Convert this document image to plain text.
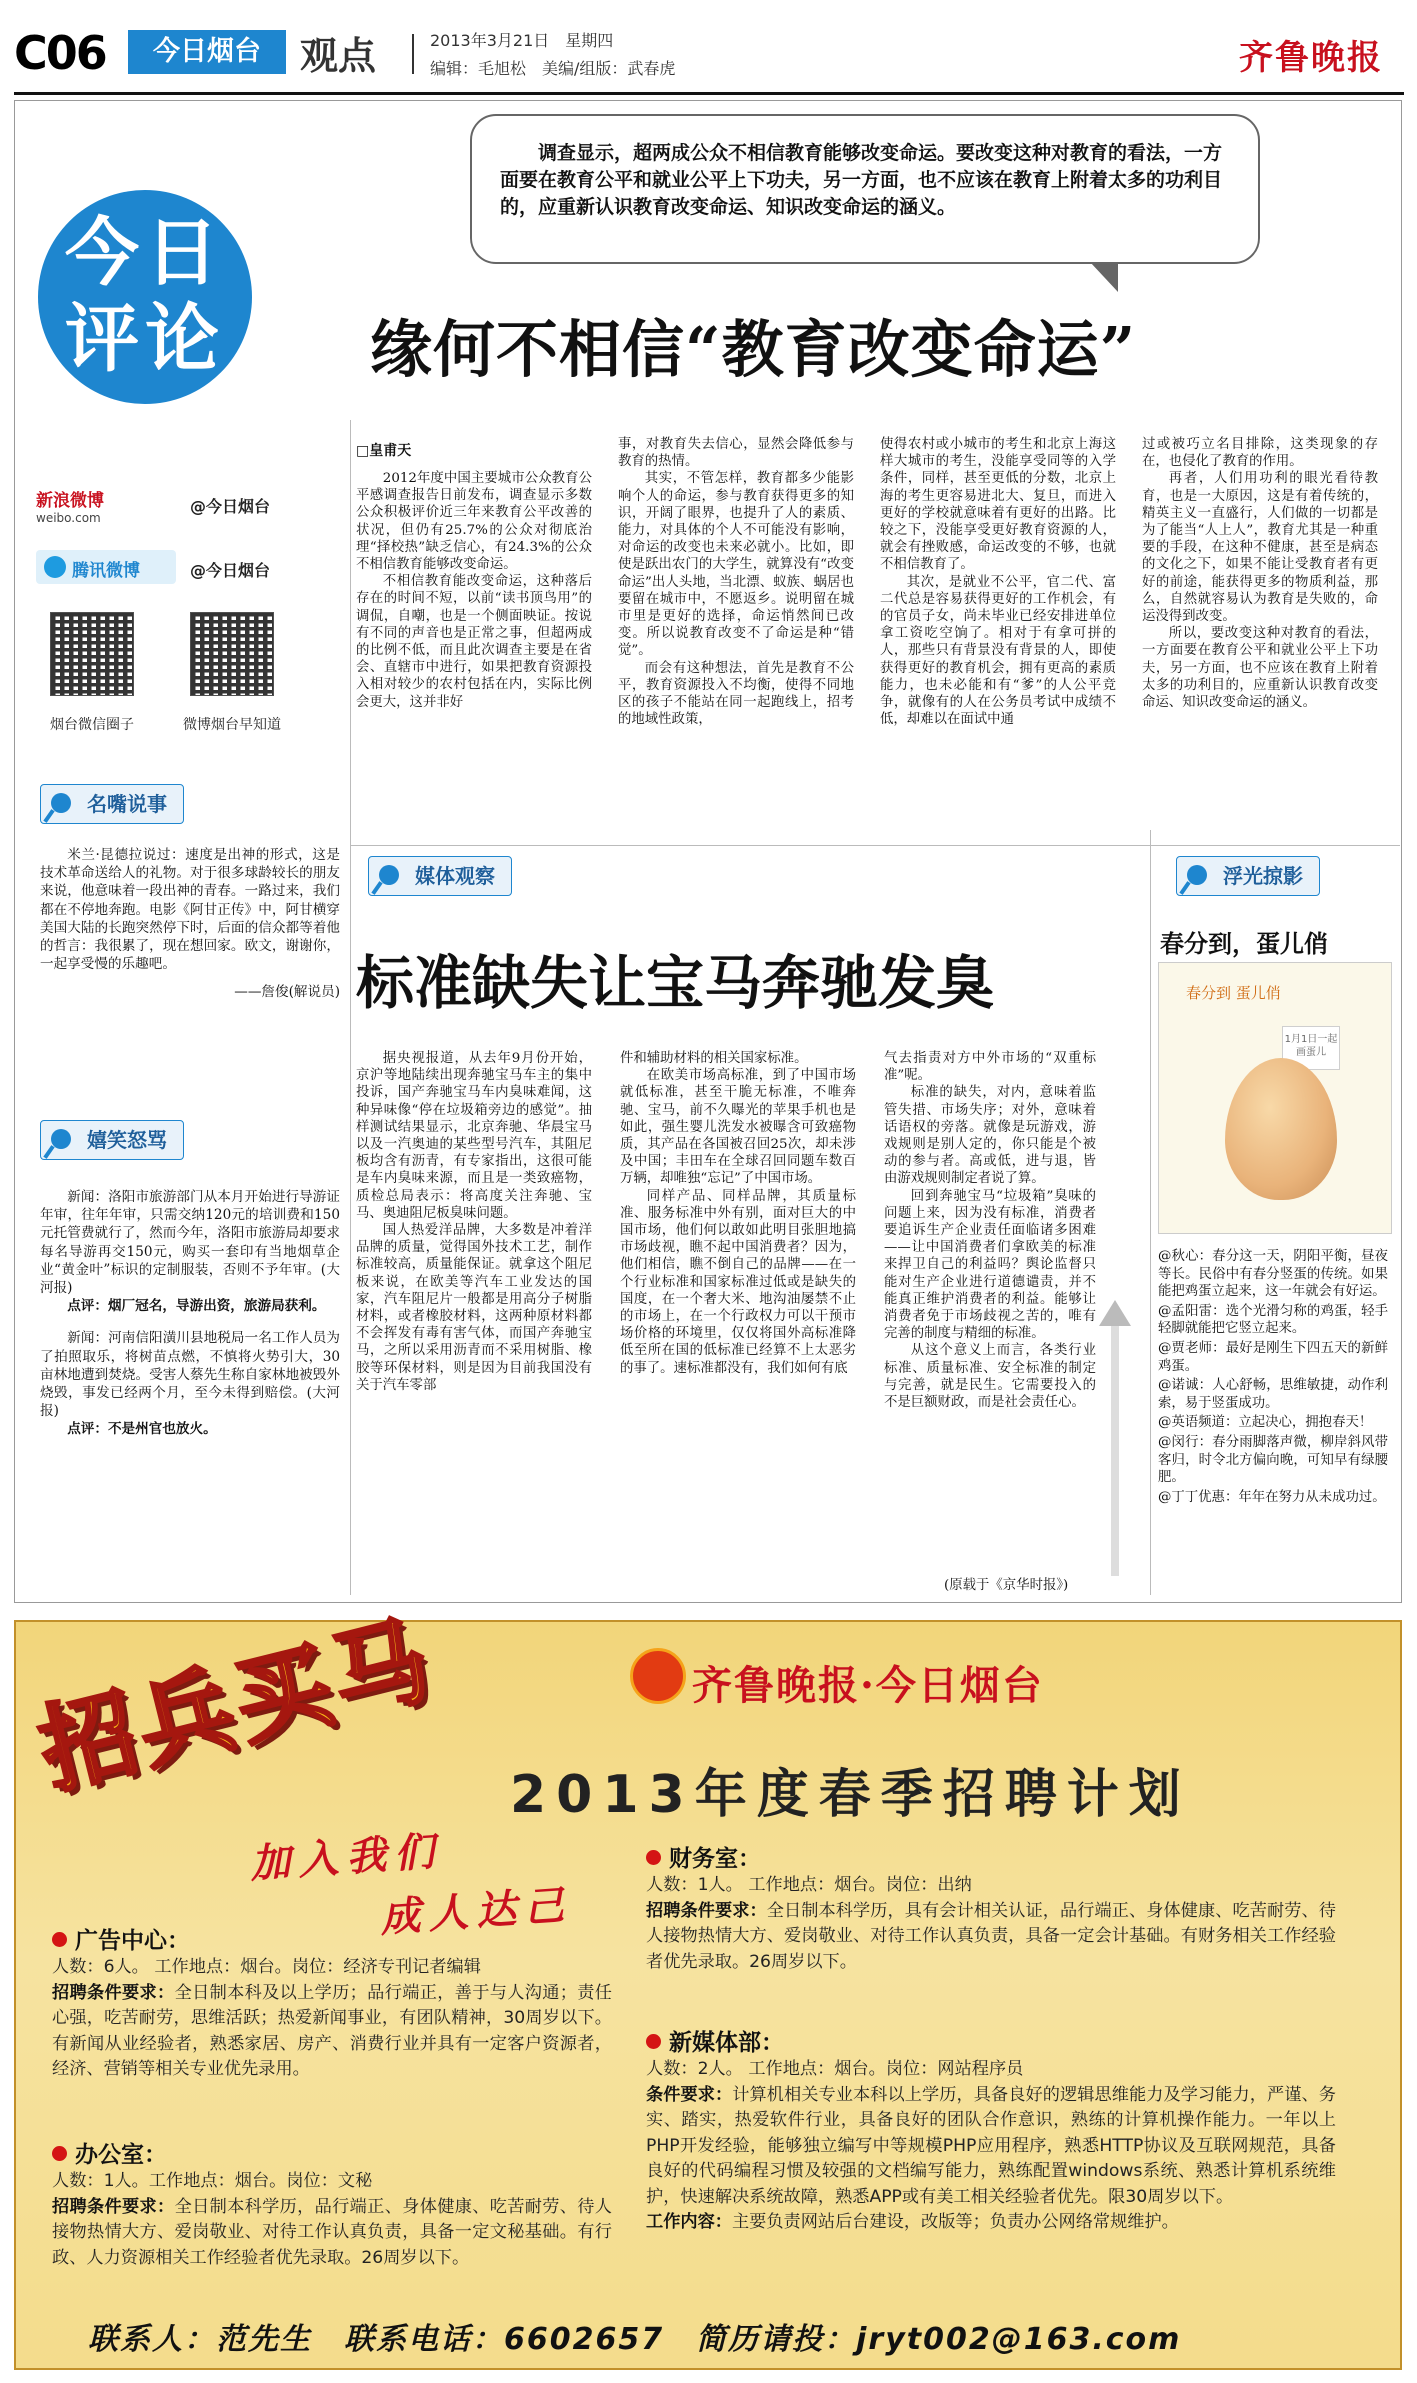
C06	今日烟台	观点	2013年3月21日　星期四
编辑：毛旭松　美编/组版：武春虎	齐鲁晚报
调查显示，超两成公众不相信教育能够改变命运。要改变这种对教育的看法，一方面要在教育公平和就业公平上下功夫，另一方面，也不应该在教育上附着太多的功利目的，应重新认识教育改变命运、知识改变命运的涵义。
今日
评论	缘何不相信“教育改变命运”
新浪微博
weibo.com
@今日烟台
腾讯微博	@今日烟台
烟台微信圈子	微博烟台早知道
名嘴说事

米兰·昆德拉说过：速度是出神的形式，这是技术革命送给人的礼物。对于很多球龄较长的朋友来说，他意味着一段出神的青春。一路过来，我们都在不停地奔跑。电影《阿甘正传》中，阿甘横穿美国大陆的长跑突然停下时，后面的信众都等着他的哲言：我很累了，现在想回家。欧文，谢谢你，一起享受慢的乐趣吧。

——詹俊(解说员)

嬉笑怒骂

新闻：洛阳市旅游部门从本月开始进行导游证年审，往年年审，只需交纳120元的培训费和150元托管费就行了，然而今年，洛阳市旅游局却要求每名导游再交150元，购买一套印有当地烟草企业“黄金叶”标识的定制服装，否则不予年审。(大河报)

点评：烟厂冠名，导游出资，旅游局获利。

新闻：河南信阳潢川县地税局一名工作人员为了拍照取乐，将树苗点燃，不慎将火势引大，30亩林地遭到焚烧。受害人蔡先生称自家林地被毁外烧毁，事发已经两个月，至今未得到赔偿。(大河报)

点评：不是州官也放火。

□皇甫天

2012年度中国主要城市公众教育公平感调查报告日前发布，调查显示多数公众积极评价近三年来教育公平改善的状况，但仍有25.7%的公众对彻底治理“择校热”缺乏信心，有24.3%的公众不相信教育能够改变命运。

不相信教育能改变命运，这种落后存在的时间不短，以前“读书顶鸟用”的调侃，自嘲，也是一个侧面映证。按说有不同的声音也是正常之事，但超两成的比例不低，而且此次调查主要是在省会、直辖市中进行，如果把教育资源投入相对较少的农村包括在内，实际比例会更大，这并非好

事，对教育失去信心，显然会降低参与教育的热情。

其实，不管怎样，教育都多少能影响个人的命运，参与教育获得更多的知识，开阔了眼界，也提升了人的素质、能力，对具体的个人不可能没有影响，对命运的改变也未来必就小。比如，即使是跃出农门的大学生，就算没有“改变命运”出人头地，当北漂、蚁族、蜗居也要留在城市中，不愿返乡。说明留在城市里是更好的选择，命运悄然间已改变。所以说教育改变不了命运是种“错觉”。

而会有这种想法，首先是教育不公平，教育资源投入不均衡，使得不同地区的孩子不能站在同一起跑线上，招考的地域性政策，

使得农村或小城市的考生和北京上海这样大城市的考生，没能享受同等的入学条件，同样，甚至更低的分数，北京上海的考生更容易进北大、复旦，而进入更好的学校就意味着有更好的出路。比较之下，没能享受更好教育资源的人，就会有挫败感，命运改变的不够，也就不相信教育了。

其次，是就业不公平，官二代、富二代总是容易获得更好的工作机会，有的官员子女，尚未毕业已经安排进单位拿工资吃空饷了。相对于有拿可拼的人，那些只有背景没有背景的人，即使获得更好的教育机会，拥有更高的素质能力，也未必能和有“爹”的人公平竞争，就像有的人在公务员考试中成绩不低，却难以在面试中通

过或被巧立名目排除，这类现象的存在，也侵化了教育的作用。

再者，人们用功利的眼光看待教育，也是一大原因，这是有着传统的，精英主义一直盛行，人们做的一切都是为了能当“人上人”，教育尤其是一种重要的手段，在这种不健康，甚至是病态的文化之下，如果不能让受教育者有更好的前途，能获得更多的物质利益，那么，自然就容易认为教育是失败的，命运没得到改变。

所以，要改变这种对教育的看法，一方面要在教育公平和就业公平上下功夫，另一方面，也不应该在教育上附着太多的功利目的，应重新认识教育改变命运、知识改变命运的涵义。

媒体观察
标准缺失让宝马奔驰发臭

据央视报道，从去年9月份开始，京沪等地陆续出现奔驰宝马车主的集中投诉，国产奔驰宝马车内臭味难闻，这种异味像“停在垃圾箱旁边的感觉”。抽样测试结果显示，北京奔驰、华晨宝马以及一汽奥迪的某些型号汽车，其阻尼板均含有沥青，有专家指出，这很可能是车内臭味来源，而且是一类致癌物，质检总局表示：将高度关注奔驰、宝马、奥迪阻尼板臭味问题。

国人热爱洋品牌，大多数是冲着洋品牌的质量，觉得国外技术工艺，制作标准较高，质量能保证。就拿这个阻尼板来说，在欧美等汽车工业发达的国家，汽车阻尼片一般都是用高分子树脂材料，或者橡胶材料，这两种原材料都不会挥发有毒有害气体，而国产奔驰宝马，之所以采用沥青而不采用树脂、橡胶等环保材料，则是因为目前我国没有关于汽车零部

件和辅助材料的相关国家标准。

在欧美市场高标准，到了中国市场就低标准，甚至干脆无标准，不唯奔驰、宝马，前不久曝光的苹果手机也是如此，强生婴儿洗发水被曝含可致癌物质，其产品在各国被召回25次，却未涉及中国；丰田车在全球召回同题车数百万辆，却唯独“忘记”了中国市场。

同样产品、同样品牌，其质量标准、服务标准中外有别，面对巨大的中国市场，他们何以敢如此明目张胆地搞市场歧视，瞧不起中国消费者？因为，他们相信，瞧不倒自己的品牌——在一个行业标准和国家标准过低或是缺失的国度，在一个奢大米、地沟油屡禁不止的市场上，在一个行政权力可以干预市场价格的环境里，仅仅将国外高标准降低至所在国的低标准已经算不上太恶劣的事了。速标准都没有，我们如何有底

气去指责对方中外市场的“双重标准”呢。

标准的缺失，对内，意味着监管失措、市场失序；对外，意味着话语权的旁落。就像是玩游戏，游戏规则是别人定的，你只能是个被动的参与者。高或低，进与退，皆由游戏规则制定者说了算。

回到奔驰宝马“垃圾箱”臭味的问题上来，因为没有标准，消费者要追诉生产企业责任面临诸多困难——让中国消费者们拿欧美的标准来捍卫自己的利益吗？舆论监督只能对生产企业进行道德谴责，并不能真正维护消费者的利益。能够让消费者免于市场歧视之苦的，唯有完善的制度与精细的标准。

从这个意义上而言，各类行业标准、质量标准、安全标准的制定与完善，就是民生。它需要投入的不是巨额财政，而是社会责任心。

(原载于《京华时报》)
浮光掠影
春分到，蛋儿俏
春分到 蛋儿俏
1月1日一起画蛋儿

@秋心：春分这一天，阴阳平衡，昼夜等长。民俗中有春分竖蛋的传统。如果能把鸡蛋立起来，这一年就会有好运。

@孟阳雷：选个光滑匀称的鸡蛋，轻手轻脚就能把它竖立起来。

@贾老师：最好是刚生下四五天的新鲜鸡蛋。

@诺诚：人心舒畅，思维敏捷，动作利索，易于竖蛋成功。

@英语频道：立起决心，拥抱春天！

@闵行：春分雨脚落声微，柳岸斜风带客归，时令北方偏向晚，可知早有绿腰肥。

@丁丁优惠：年年在努力从未成功过。

招兵买马
加入我们
成人达己
齐鲁晚报·今日烟台
2013年度春季招聘计划
广告中心：
人数：6人。 工作地点：烟台。岗位：经济专刊记者编辑
招聘条件要求：全日制本科及以上学历；品行端正，善于与人沟通；责任心强，吃苦耐劳，思维活跃；热爱新闻事业，有团队精神，30周岁以下。有新闻从业经验者，熟悉家居、房产、消费行业并具有一定客户资源者，经济、营销等相关专业优先录用。
办公室：
人数：1人。工作地点：烟台。岗位：文秘
招聘条件要求：全日制本科学历，品行端正、身体健康、吃苦耐劳、待人接物热情大方、爱岗敬业、对待工作认真负责，具备一定文秘基础。有行政、人力资源相关工作经验者优先录取。26周岁以下。
财务室：
人数：1人。 工作地点：烟台。岗位：出纳
招聘条件要求：全日制本科学历，具有会计相关认证，品行端正、身体健康、吃苦耐劳、待人接物热情大方、爱岗敬业、对待工作认真负责，具备一定会计基础。有财务相关工作经验者优先录取。26周岁以下。
新媒体部：
人数：2人。 工作地点：烟台。岗位：网站程序员
条件要求：计算机相关专业本科以上学历，具备良好的逻辑思维能力及学习能力，严谨、务实、踏实，热爱软件行业，具备良好的团队合作意识，熟练的计算机操作能力。一年以上PHP开发经验，能够独立编写中等规模PHP应用程序，熟悉HTTP协议及互联网规范，具备良好的代码编程习惯及较强的文档编写能力，熟练配置windows系统、熟悉计算机系统维护，快速解决系统故障，熟悉APP或有美工相关经验者优先。限30周岁以下。
工作内容：主要负责网站后台建设，改版等；负责办公网络常规维护。
联系人：范先生　联系电话：6602657　简历请投：jryt002@163.com
